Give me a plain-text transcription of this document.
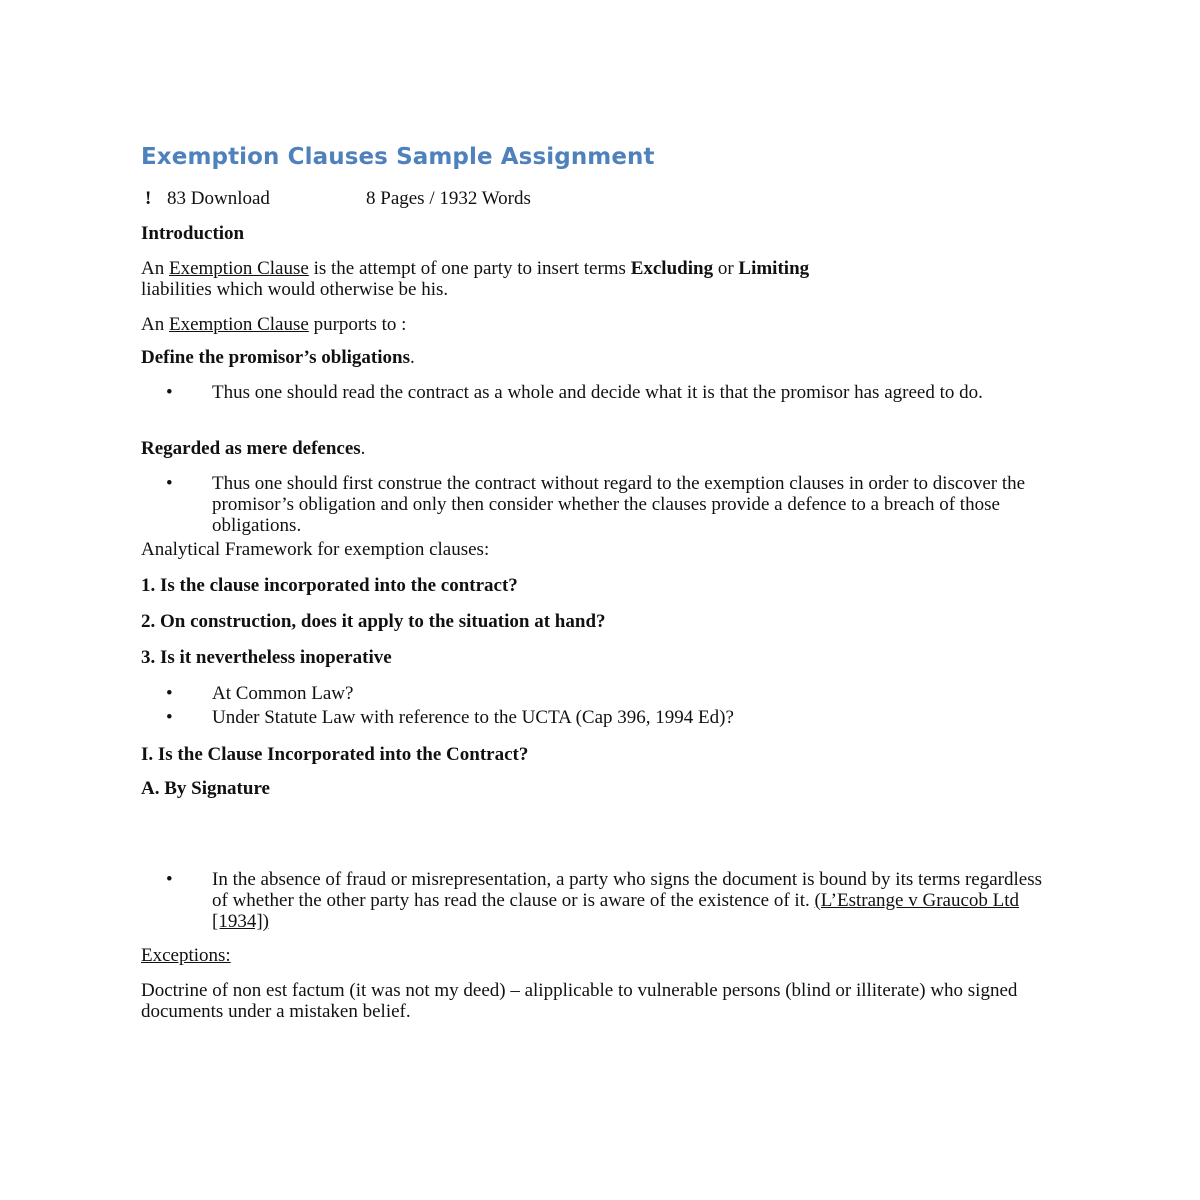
Exemption Clauses Sample Assignment
! 83 Download	8 Pages / 1932 Words
Introduction
An Exemption Clause is the attempt of one party to insert terms Excluding or Limiting
liabilities which would otherwise be his.
An Exemption Clause purports to :
Define the promisor’s obligations.
• Thus one should read the contract as a whole and decide what it is that the promisor has agreed to do.
Regarded as mere defences.
• Thus one should first construe the contract without regard to the exemption clauses in order to discover the promisor’s obligation and only then consider whether the clauses provide a defence to a breach of those obligations.
Analytical Framework for exemption clauses:
1. Is the clause incorporated into the contract?
2. On construction, does it apply to the situation at hand?
3. Is it nevertheless inoperative
• At Common Law?
• Under Statute Law with reference to the UCTA (Cap 396, 1994 Ed)?
I. Is the Clause Incorporated into the Contract?
A. By Signature
• In the absence of fraud or misrepresentation, a party who signs the document is bound by its terms regardless of whether the other party has read the clause or is aware of the existence of it. (L’Estrange v Graucob Ltd [1934])
Exceptions:
Doctrine of non est factum (it was not my deed) – alipplicable to vulnerable persons (blind or illiterate) who signed documents under a mistaken belief.
